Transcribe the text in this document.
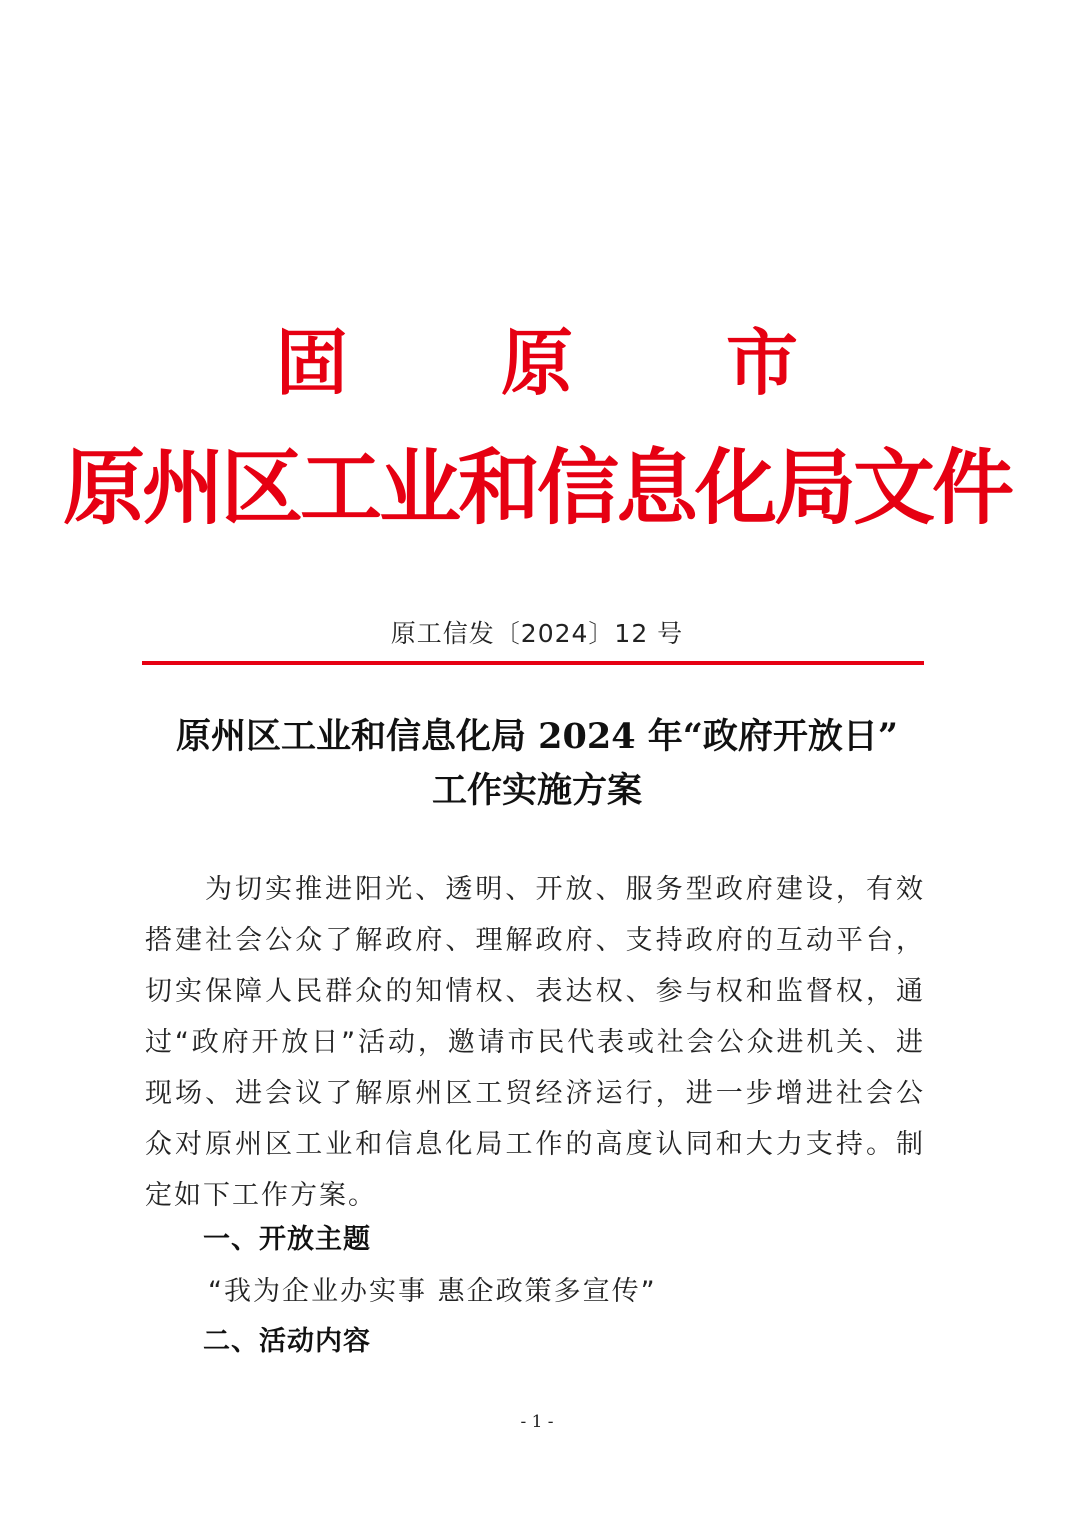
固 原 市
原州区工业和信息化局文件
原工信发〔2024〕12 号
原州区工业和信息化局 2024 年“政府开放日”
工作实施方案

为切实推进阳光、透明、开放、服务型政府建设，有效搭建社会公众了解政府、理解政府、支持政府的互动平台，切实保障人民群众的知情权、表达权、参与权和监督权，通过“政府开放日”活动，邀请市民代表或社会公众进机关、进现场、进会议了解原州区工贸经济运行，进一步增进社会公众对原州区工业和信息化局工作的高度认同和大力支持。制定如下工作方案。

一、开放主题
“我为企业办实事 惠企政策多宣传”
二、活动内容
- 1 -
